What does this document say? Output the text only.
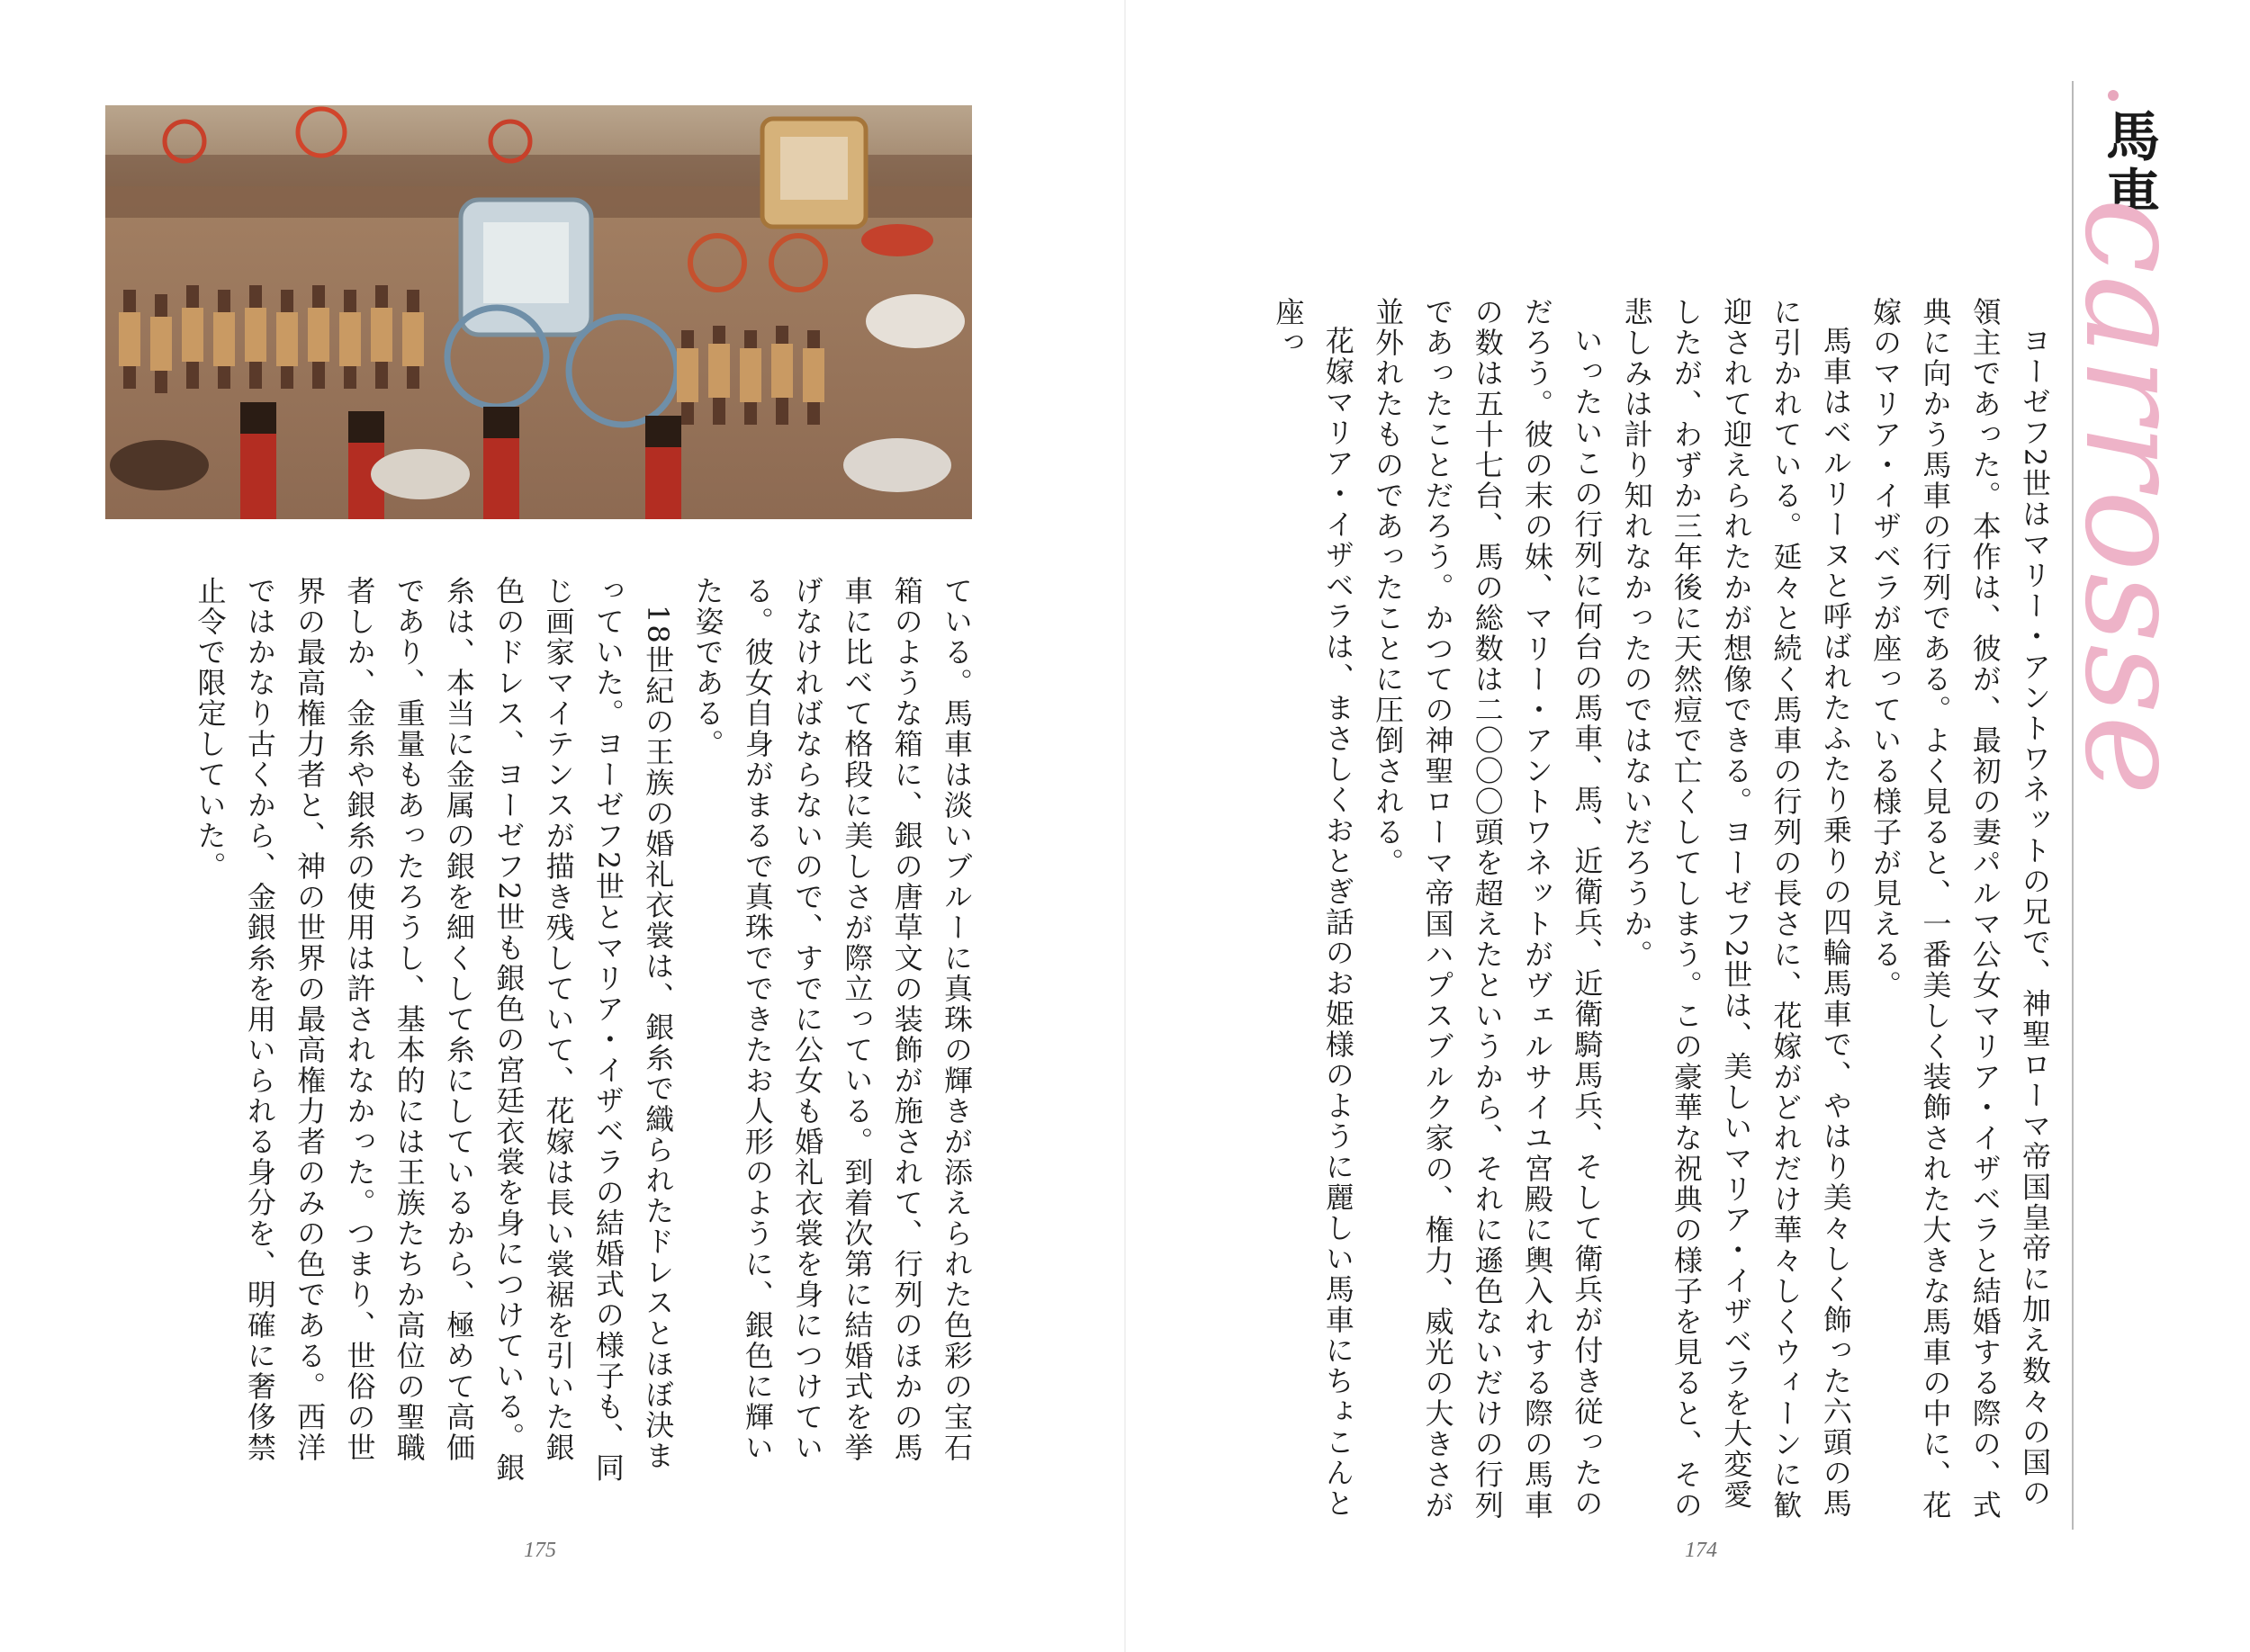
ている。馬車は淡いブルーに真珠の輝きが添えられた色彩の宝石箱のような箱に、銀の唐草文の装飾が施されて、行列のほかの馬車に比べて格段に美しさが際立っている。到着次第に結婚式を挙げなければならないので、すでに公女も婚礼衣裳を身につけている。彼女自身がまるで真珠でできたお人形のように、銀色に輝いた姿である。

18世紀の王族の婚礼衣裳は、銀糸で織られたドレスとほぼ決まっていた。ヨーゼフ2世とマリア・イザベラの結婚式の様子も、同じ画家マイテンスが描き残していて、花嫁は長い裳裾を引いた銀色のドレス、ヨーゼフ2世も銀色の宮廷衣裳を身につけている。銀糸は、本当に金属の銀を細くして糸にしているから、極めて高価であり、重量もあったろうし、基本的には王族たちか高位の聖職者しか、金糸や銀糸の使用は許されなかった。つまり、世俗の世界の最高権力者と、神の世界の最高権力者のみの色である。西洋ではかなり古くから、金銀糸を用いられる身分を、明確に奢侈禁止令で限定していた。

175
馬車
carrosse

ヨーゼフ2世はマリー・アントワネットの兄で、神聖ローマ帝国皇帝に加え数々の国の領主であった。本作は、彼が、最初の妻パルマ公女マリア・イザベラと結婚する際の、式典に向かう馬車の行列である。よく見ると、一番美しく装飾された大きな馬車の中に、花嫁のマリア・イザベラが座っている様子が見える。

馬車はベルリーヌと呼ばれたふたり乗りの四輪馬車で、やはり美々しく飾った六頭の馬に引かれている。延々と続く馬車の行列の長さに、花嫁がどれだけ華々しくウィーンに歓迎されて迎えられたかが想像できる。ヨーゼフ2世は、美しいマリア・イザベラを大変愛したが、わずか三年後に天然痘で亡くしてしまう。この豪華な祝典の様子を見ると、その悲しみは計り知れなかったのではないだろうか。

いったいこの行列に何台の馬車、馬、近衛兵、近衛騎馬兵、そして衛兵が付き従ったのだろう。彼の末の妹、マリー・アントワネットがヴェルサイユ宮殿に輿入れする際の馬車の数は五十七台、馬の総数は二〇〇〇頭を超えたというから、それに遜色ないだけの行列であったことだろう。かつての神聖ローマ帝国ハプスブルク家の、権力、威光の大きさが並外れたものであったことに圧倒される。

花嫁マリア・イザベラは、まさしくおとぎ話のお姫様のように麗しい馬車にちょこんと座っ

174
